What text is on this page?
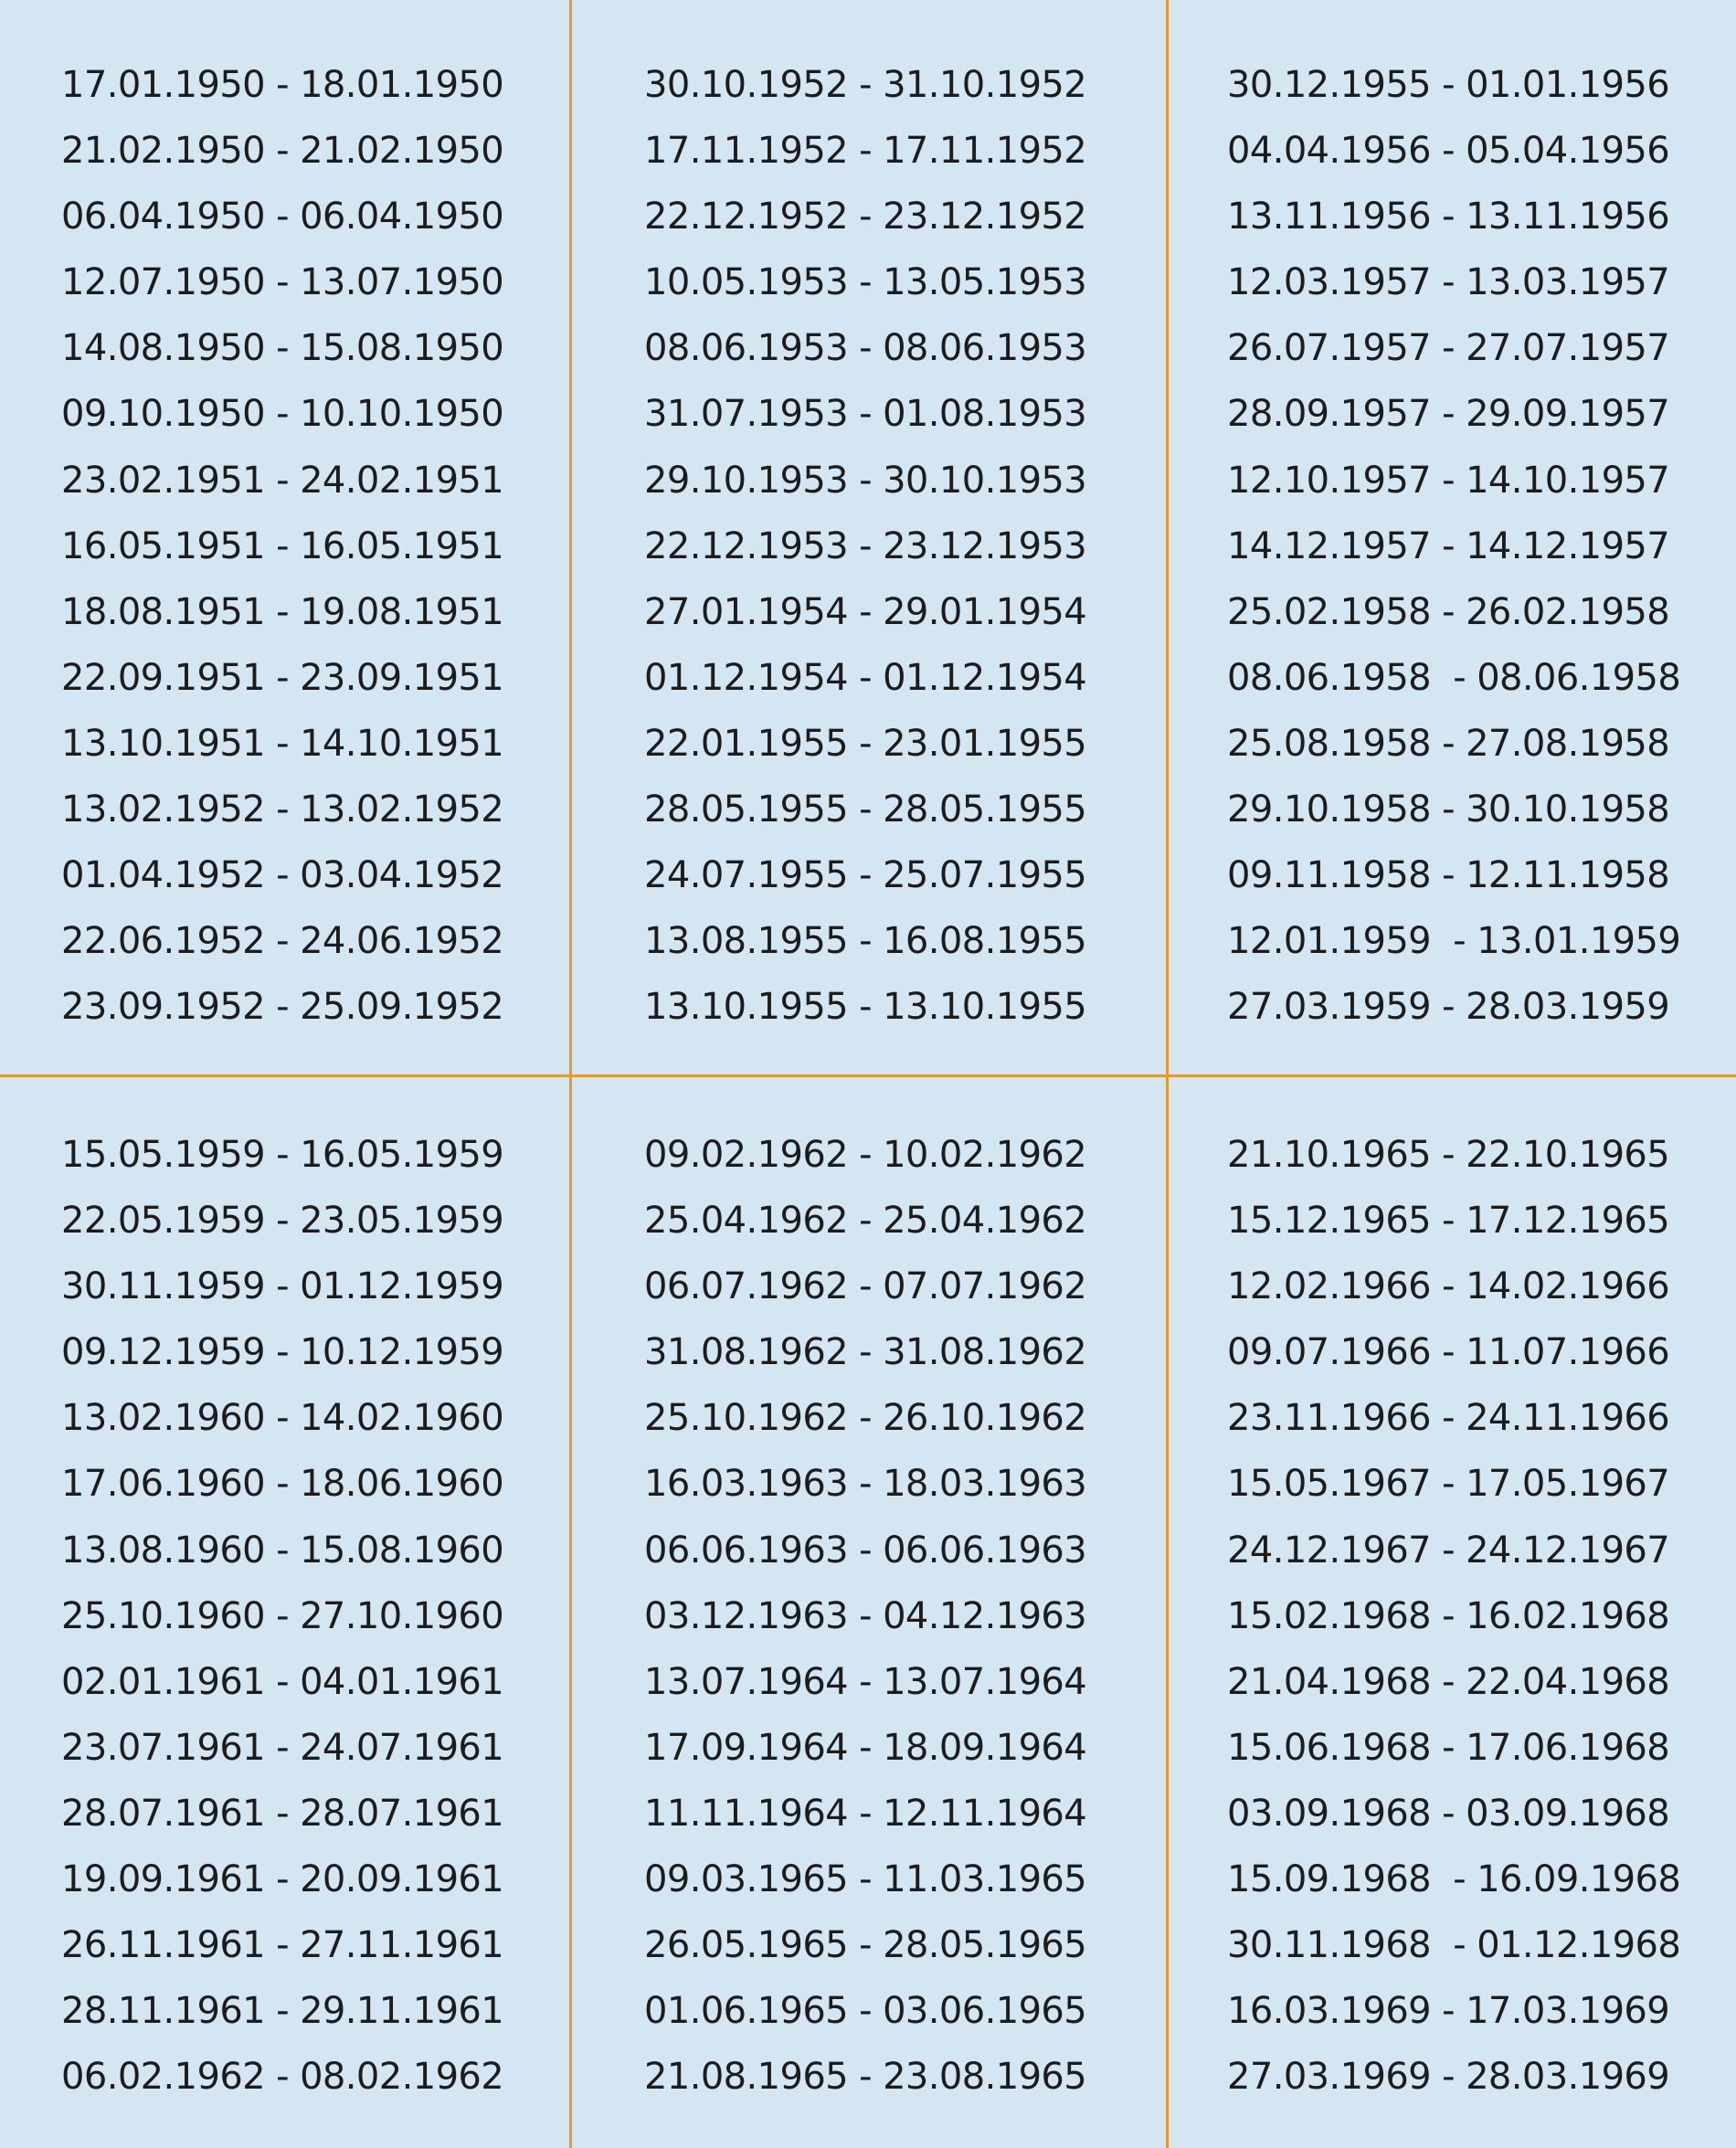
17.01.1950 - 18.01.1950
21.02.1950 - 21.02.1950
06.04.1950 - 06.04.1950
12.07.1950 - 13.07.1950
14.08.1950 - 15.08.1950
09.10.1950 - 10.10.1950
23.02.1951 - 24.02.1951
16.05.1951 - 16.05.1951
18.08.1951 - 19.08.1951
22.09.1951 - 23.09.1951
13.10.1951 - 14.10.1951
13.02.1952 - 13.02.1952
01.04.1952 - 03.04.1952
22.06.1952 - 24.06.1952
23.09.1952 - 25.09.1952
30.10.1952 - 31.10.1952
17.11.1952 - 17.11.1952
22.12.1952 - 23.12.1952
10.05.1953 - 13.05.1953
08.06.1953 - 08.06.1953
31.07.1953 - 01.08.1953
29.10.1953 - 30.10.1953
22.12.1953 - 23.12.1953
27.01.1954 - 29.01.1954
01.12.1954 - 01.12.1954
22.01.1955 - 23.01.1955
28.05.1955 - 28.05.1955
24.07.1955 - 25.07.1955
13.08.1955 - 16.08.1955
13.10.1955 - 13.10.1955
30.12.1955 - 01.01.1956
04.04.1956 - 05.04.1956
13.11.1956 - 13.11.1956
12.03.1957 - 13.03.1957
26.07.1957 - 27.07.1957
28.09.1957 - 29.09.1957
12.10.1957 - 14.10.1957
14.12.1957 - 14.12.1957
25.02.1958 - 26.02.1958
08.06.1958  - 08.06.1958
25.08.1958 - 27.08.1958
29.10.1958 - 30.10.1958
09.11.1958 - 12.11.1958
12.01.1959  - 13.01.1959
27.03.1959 - 28.03.1959
15.05.1959 - 16.05.1959
22.05.1959 - 23.05.1959
30.11.1959 - 01.12.1959
09.12.1959 - 10.12.1959
13.02.1960 - 14.02.1960
17.06.1960 - 18.06.1960
13.08.1960 - 15.08.1960
25.10.1960 - 27.10.1960
02.01.1961 - 04.01.1961
23.07.1961 - 24.07.1961
28.07.1961 - 28.07.1961
19.09.1961 - 20.09.1961
26.11.1961 - 27.11.1961
28.11.1961 - 29.11.1961
06.02.1962 - 08.02.1962
09.02.1962 - 10.02.1962
25.04.1962 - 25.04.1962
06.07.1962 - 07.07.1962
31.08.1962 - 31.08.1962
25.10.1962 - 26.10.1962
16.03.1963 - 18.03.1963
06.06.1963 - 06.06.1963
03.12.1963 - 04.12.1963
13.07.1964 - 13.07.1964
17.09.1964 - 18.09.1964
11.11.1964 - 12.11.1964
09.03.1965 - 11.03.1965
26.05.1965 - 28.05.1965
01.06.1965 - 03.06.1965
21.08.1965 - 23.08.1965
21.10.1965 - 22.10.1965
15.12.1965 - 17.12.1965
12.02.1966 - 14.02.1966
09.07.1966 - 11.07.1966
23.11.1966 - 24.11.1966
15.05.1967 - 17.05.1967
24.12.1967 - 24.12.1967
15.02.1968 - 16.02.1968
21.04.1968 - 22.04.1968
15.06.1968 - 17.06.1968
03.09.1968 - 03.09.1968
15.09.1968  - 16.09.1968
30.11.1968  - 01.12.1968
16.03.1969 - 17.03.1969
27.03.1969 - 28.03.1969
